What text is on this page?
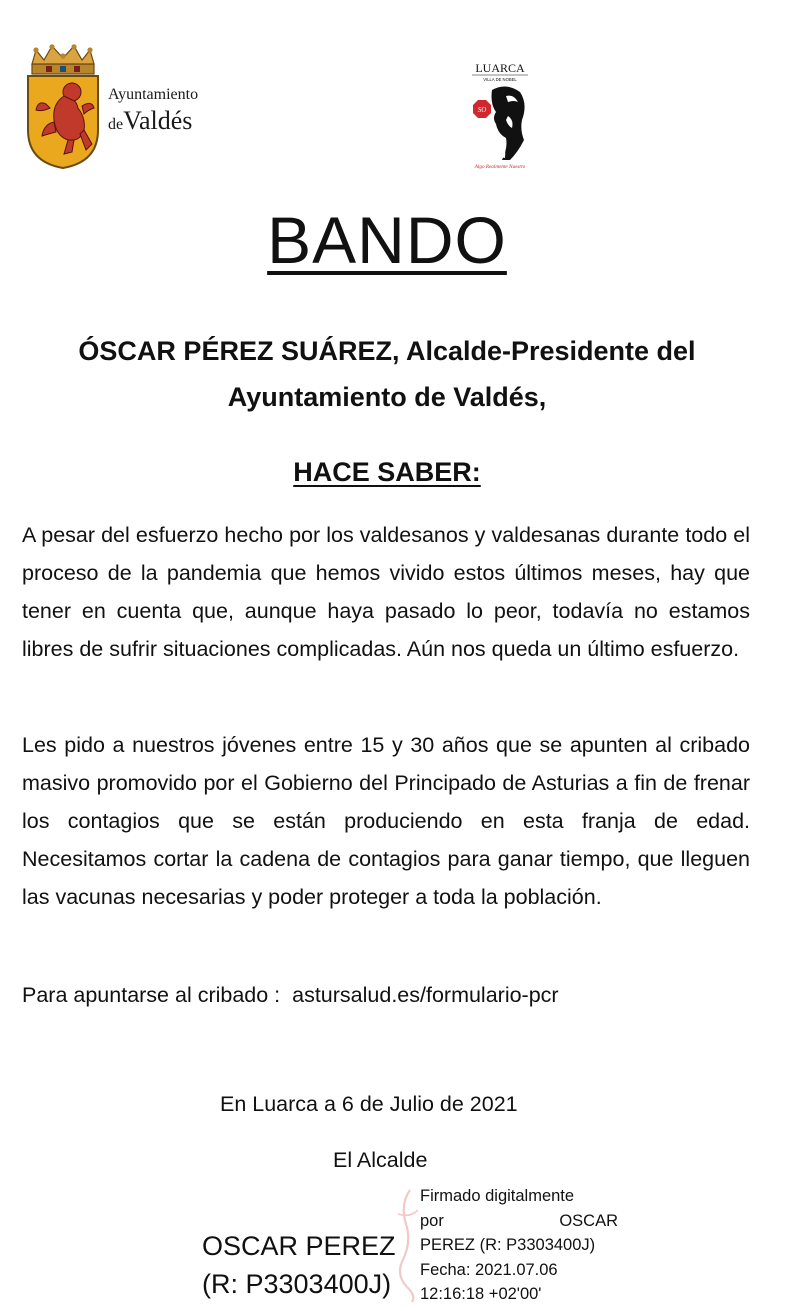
Ayuntamiento
deValdés
LUARCA
VILLA DE NOBEL
SO
Algo Realmente Nuestro
BANDO
ÓSCAR PÉREZ SUÁREZ, Alcalde-Presidente del
Ayuntamiento de Valdés,
HACE SABER:
A pesar del esfuerzo hecho por los valdesanos y valdesanas durante todo el proceso de la pandemia que hemos vivido estos últimos meses, hay que tener en cuenta que, aunque haya pasado lo peor, todavía no estamos libres de sufrir situaciones complicadas. Aún nos queda un último esfuerzo.
Les pido a nuestros jóvenes entre 15 y 30 años que se apunten al cribado masivo promovido por el Gobierno del Principado de Asturias a fin de frenar los contagios que se están produciendo en esta franja de edad. Necesitamos cortar la cadena de contagios para ganar tiempo, que lleguen las vacunas necesarias y poder proteger a toda la población.
Para apuntarse al cribado : astursalud.es/formulario-pcr
En Luarca a 6 de Julio de 2021
El Alcalde
OSCAR PEREZ
(R: P3303400J)
Firmado digitalmente
por	OSCAR
PEREZ (R: P3303400J)
Fecha: 2021.07.06
12:16:18 +02'00'
